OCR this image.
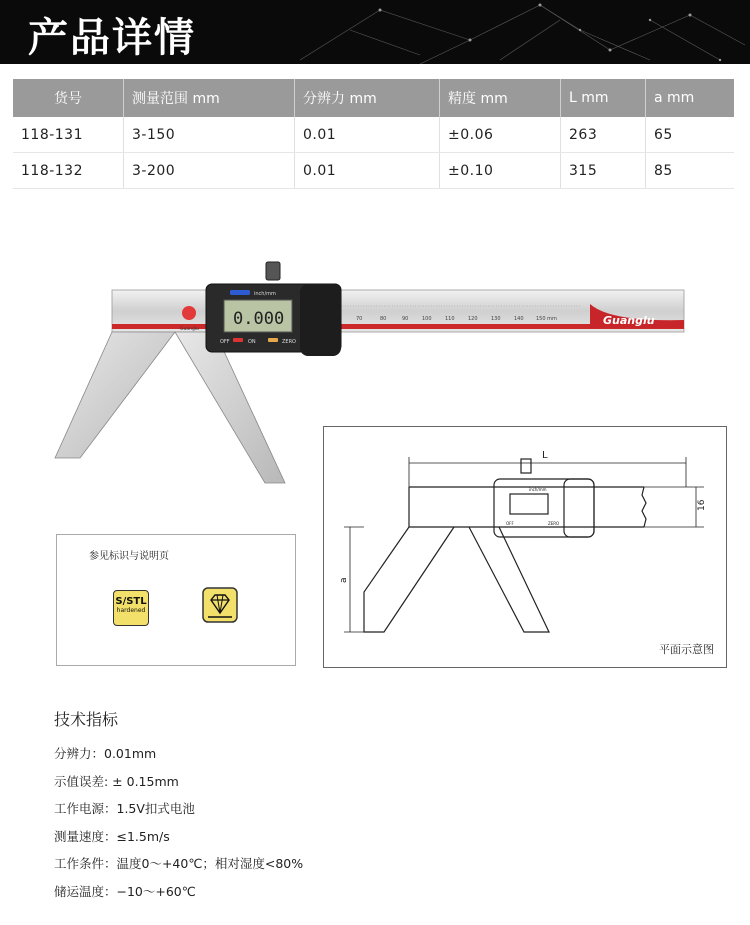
产品详情
货号	测量范围 mm	分辨力 mm	精度 mm	L mm	a mm
118-131	3-150	0.01	±0.06	263	65
118-132	3-200	0.01	±0.10	315	85
Guanglu
70	80	90	100	110	120	130	140 150 mm	Guanglu
inch/mm
0.000
OFF	ON	ZERO
L
16
a
inch/mm
OFF	ZERO
平面示意图
参见标识与说明页
S/STL
hardened
技术指标
分辨力：0.01mm
示值误差: ± 0.15mm
工作电源：1.5V扣式电池
测量速度：≤1.5m/s
工作条件：温度0～+40℃；相对湿度<80%
储运温度：−10～+60℃
